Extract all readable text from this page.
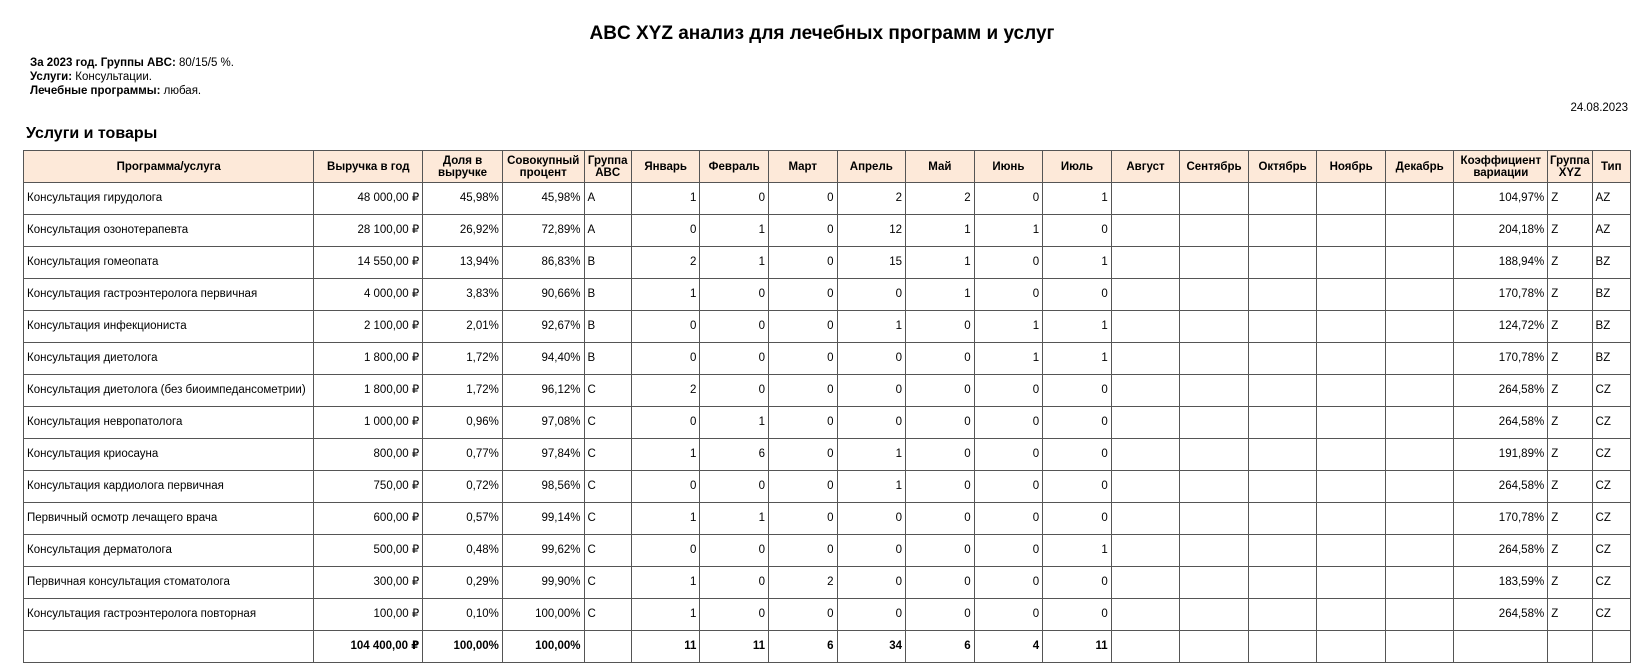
ABC XYZ анализ для лечебных программ и услуг
За 2023 год. Группы ABC: 80/15/5 %.
Услуги: Консультации.
Лечебные программы: любая.
24.08.2023
Услуги и товары
Программа/услуга	Выручка в год	Доля в выручке	Совокупный процент	Группа ABC	Январь	Февраль	Март	Апрель	Май	Июнь	Июль	Август	Сентябрь	Октябрь	Ноябрь	Декабрь	Коэффициент вариации	Группа XYZ	Тип
Консультация гирудолога	48 000,00 ₽	45,98%	45,98%	A	1	0	0	2	2	0	1						104,97%	Z	AZ
Консультация озонотерапевта	28 100,00 ₽	26,92%	72,89%	A	0	1	0	12	1	1	0						204,18%	Z	AZ
Консультация гомеопата	14 550,00 ₽	13,94%	86,83%	B	2	1	0	15	1	0	1						188,94%	Z	BZ
Консультация гастроэнтеролога первичная	4 000,00 ₽	3,83%	90,66%	B	1	0	0	0	1	0	0						170,78%	Z	BZ
Консультация инфекциониста	2 100,00 ₽	2,01%	92,67%	B	0	0	0	1	0	1	1						124,72%	Z	BZ
Консультация диетолога	1 800,00 ₽	1,72%	94,40%	B	0	0	0	0	0	1	1						170,78%	Z	BZ
Консультация диетолога (без биоимпедансометрии)	1 800,00 ₽	1,72%	96,12%	C	2	0	0	0	0	0	0						264,58%	Z	CZ
Консультация невропатолога	1 000,00 ₽	0,96%	97,08%	C	0	1	0	0	0	0	0						264,58%	Z	CZ
Консультация криосауна	800,00 ₽	0,77%	97,84%	C	1	6	0	1	0	0	0						191,89%	Z	CZ
Консультация кардиолога первичная	750,00 ₽	0,72%	98,56%	C	0	0	0	1	0	0	0						264,58%	Z	CZ
Первичный осмотр лечащего врача	600,00 ₽	0,57%	99,14%	C	1	1	0	0	0	0	0						170,78%	Z	CZ
Консультация дерматолога	500,00 ₽	0,48%	99,62%	C	0	0	0	0	0	0	1						264,58%	Z	CZ
Первичная консультация стоматолога	300,00 ₽	0,29%	99,90%	C	1	0	2	0	0	0	0						183,59%	Z	CZ
Консультация гастроэнтеролога повторная	100,00 ₽	0,10%	100,00%	C	1	0	0	0	0	0	0						264,58%	Z	CZ
	104 400,00 ₽	100,00%	100,00%		11	11	6	34	6	4	11								
